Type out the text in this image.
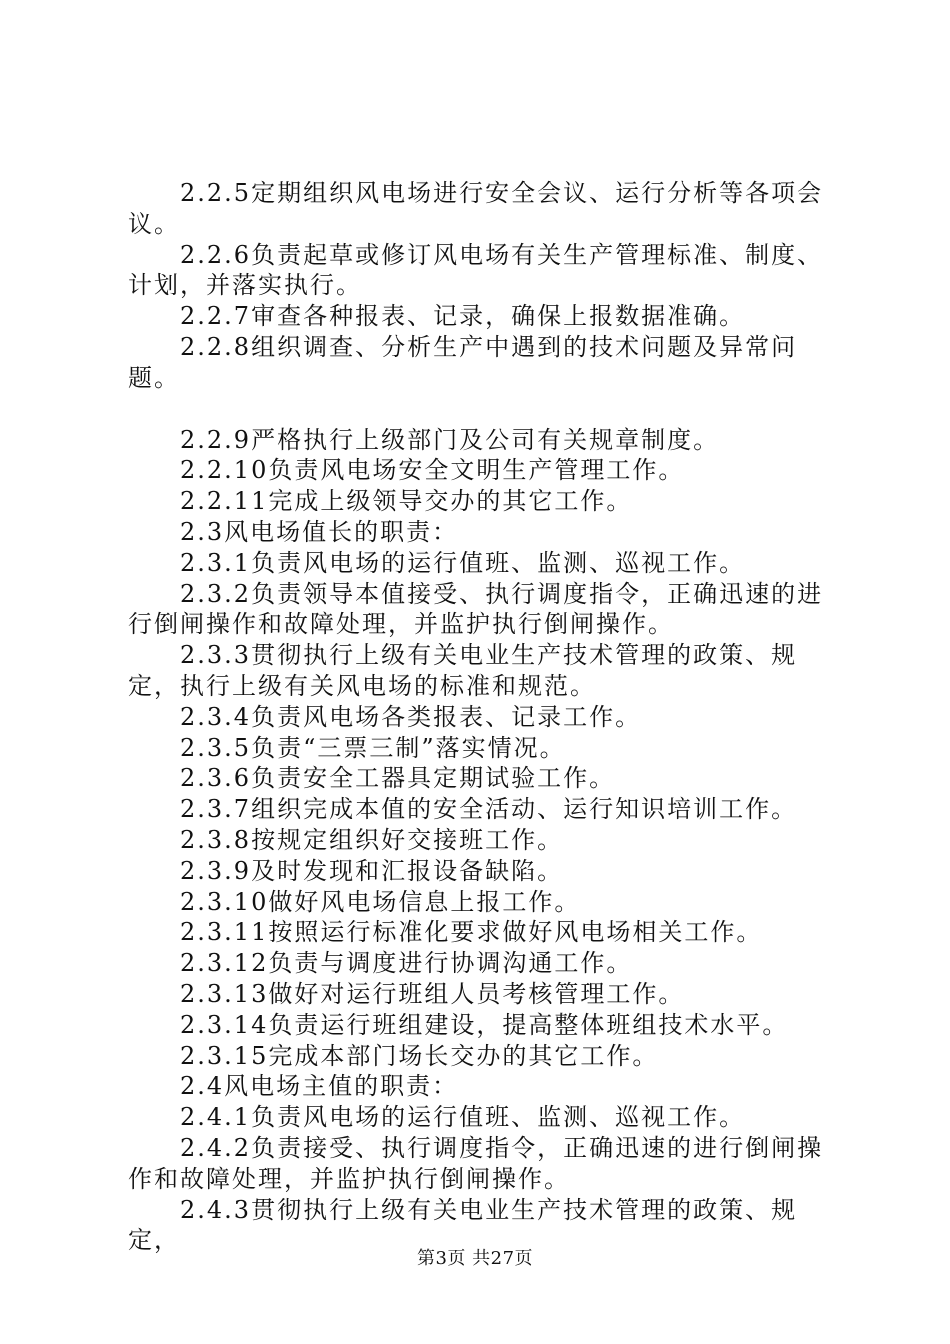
2.2.5定期组织风电场进行安全会议、运行分析等各项会议。

2.2.6负责起草或修订风电场有关生产管理标准、制度、计划，并落实执行。

2.2.7审查各种报表、记录，确保上报数据准确。

2.2.8组织调查、分析生产中遇到的技术问题及异常问题。

2.2.9严格执行上级部门及公司有关规章制度。

2.2.10负责风电场安全文明生产管理工作。

2.2.11完成上级领导交办的其它工作。

2.3风电场值长的职责：

2.3.1负责风电场的运行值班、监测、巡视工作。

2.3.2负责领导本值接受、执行调度指令，正确迅速的进行倒闸操作和故障处理，并监护执行倒闸操作。

2.3.3贯彻执行上级有关电业生产技术管理的政策、规定，执行上级有关风电场的标准和规范。

2.3.4负责风电场各类报表、记录工作。

2.3.5负责“三票三制”落实情况。

2.3.6负责安全工器具定期试验工作。

2.3.7组织完成本值的安全活动、运行知识培训工作。

2.3.8按规定组织好交接班工作。

2.3.9及时发现和汇报设备缺陷。

2.3.10做好风电场信息上报工作。

2.3.11按照运行标准化要求做好风电场相关工作。

2.3.12负责与调度进行协调沟通工作。

2.3.13做好对运行班组人员考核管理工作。

2.3.14负责运行班组建设，提高整体班组技术水平。

2.3.15完成本部门场长交办的其它工作。

2.4风电场主值的职责：

2.4.1负责风电场的运行值班、监测、巡视工作。

2.4.2负责接受、执行调度指令，正确迅速的进行倒闸操作和故障处理，并监护执行倒闸操作。

2.4.3贯彻执行上级有关电业生产技术管理的政策、规定，

第3页 共27页
